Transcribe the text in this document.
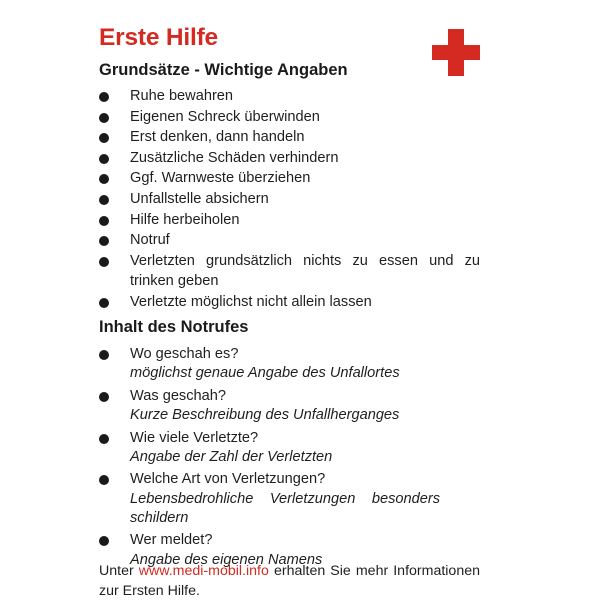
Erste Hilfe
Grundsätze - Wichtige Angaben
Ruhe bewahren
Eigenen Schreck überwinden
Erst denken, dann handeln
Zusätzliche Schäden verhindern
Ggf. Warnweste überziehen
Unfallstelle absichern
Hilfe herbeiholen
Notruf
Verletzten grundsätzlich nichts zu essen und zu trinken geben
Verletzte möglichst nicht allein lassen
Inhalt des Notrufes
Wo geschah es?
möglichst genaue Angabe des Unfallortes
Was geschah?
Kurze Beschreibung des Unfallherganges
Wie viele Verletzte?
Angabe der Zahl der Verletzten
Welche Art von Verletzungen?
Lebensbedrohliche Verletzungen besonders schildern
Wer meldet?
Angabe des eigenen Namens

Unter www.medi-mobil.info erhalten Sie mehr Informationen zur Ersten Hilfe.
